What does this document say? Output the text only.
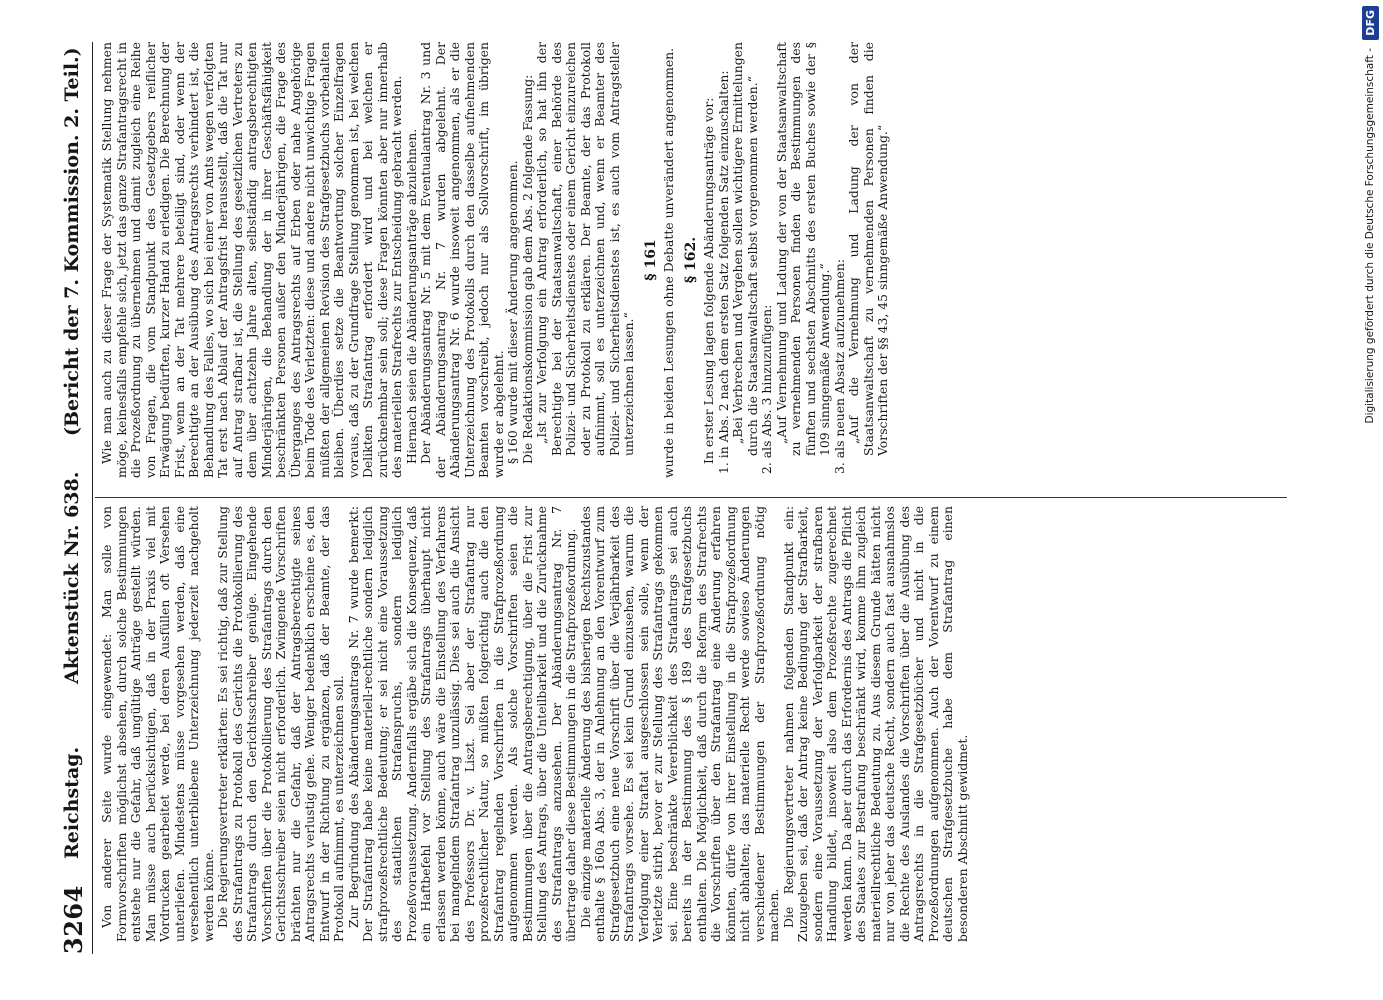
3264
Reichstag.
Aktenstück Nr. 638.
(Bericht der 7. Kommission. 2. Teil.)

Von anderer Seite wurde eingewendet: Man solle von Formvorschriften möglichst absehen, durch solche Bestimmungen entstehe nur die Gefahr, daß ungültige Anträge gestellt würden. Man müsse auch berücksichtigen, daß in der Praxis viel mit Vordrucken gearbeitet werde, bei deren Ausfüllen oft Versehen unterliefen. Mindestens müsse vorgesehen werden, daß eine versehentlich unterbliebene Unterzeichnung jederzeit nachgeholt werden könne. Die Regierungsvertreter erklärten: Es sei richtig, daß zur Stellung des Strafantrags zu Protokoll des Gerichts die Protokollierung des Strafantrags durch den Gerichtsschreiber genüge. Eingehende Vorschriften über die Protokollierung des Strafantrags durch den Gerichtsschreiber seien nicht erforderlich. Zwingende Vorschriften brächten nur die Gefahr, daß der Antragsberechtigte seines Antragsrechts verlustig gehe. Weniger bedenklich erscheine es, den Entwurf in der Richtung zu ergänzen, daß der Beamte, der das Protokoll aufnimmt, es unterzeichnen soll. Zur Begründung des Abänderungsantrags Nr. 7 wurde bemerkt: Der Strafantrag habe keine materiell-rechtliche sondern lediglich strafprozeßrechtliche Bedeutung; er sei nicht eine Voraussetzung des staatlichen Strafanspruchs, sondern lediglich Prozeßvoraussetzung. Andernfalls ergäbe sich die Konsequenz, daß ein Haftbefehl vor Stellung des Strafantrags überhaupt nicht erlassen werden könne, auch wäre die Einstellung des Verfahrens bei mangelndem Strafantrag unzulässig. Dies sei auch die Ansicht des Professors Dr. v. Liszt. Sei aber der Strafantrag nur prozeßrechtlicher Natur, so müßten folgerichtig auch die den Strafantrag regelnden Vorschriften in die Strafprozeßordnung aufgenommen werden. Als solche Vorschriften seien die Bestimmungen über die Antragsberechtigung, über die Frist zur Stellung des Antrags, über die Unteilbarkeit und die Zurücknahme des Strafantrags anzusehen. Der Abänderungsantrag Nr. 7 übertrage daher diese Bestimmungen in die Strafprozeßordnung. Die einzige materielle Änderung des bisherigen Rechtszustandes enthalte § 160a Abs. 3, der in Anlehnung an den Vorentwurf zum Strafgesetzbuch eine neue Vorschrift über die Verjährbarkeit des Strafantrags vorsehe. Es sei kein Grund einzusehen, warum die Verfolgung einer Straftat ausgeschlossen sein solle, wenn der Verletzte stirbt, bevor er zur Stellung des Strafantrags gekommen sei. Eine beschränkte Vererblichkeit des Strafantrags sei auch bereits in der Bestimmung des § 189 des Strafgesetzbuchs enthalten. Die Möglichkeit, daß durch die Reform des Strafrechts die Vorschriften über den Strafantrag eine Änderung erfahren könnten, dürfe von ihrer Einstellung in die Strafprozeßordnung nicht abhalten; das materielle Recht werde sowieso Änderungen verschiedener Bestimmungen der Strafprozeßordnung nötig machen. Die Regierungsvertreter nahmen folgenden Standpunkt ein: Zuzugeben sei, daß der Antrag keine Bedingung der Strafbarkeit, sondern eine Voraussetzung der Verfolgbarkeit der strafbaren Handlung bildet, insoweit also dem Prozeßrechte zugerechnet werden kann. Da aber durch das Erfordernis des Antrags die Pflicht des Staates zur Bestrafung beschränkt wird, komme ihm zugleich materiellrechtliche Bedeutung zu. Aus diesem Grunde hätten nicht nur von jeher das deutsche Recht, sondern auch fast ausnahmslos die Rechte des Auslandes die Vorschriften über die Ausübung des Antragsrechts in die Strafgesetzbücher und nicht in die Prozeßordnungen aufgenommen. Auch der Vorentwurf zu einem deutschen Strafgesetzbuche habe dem Strafantrag einen besonderen Abschnitt gewidmet.

Wie man auch zu dieser Frage der Systematik Stellung nehmen möge, keinesfalls empfehle sich, jetzt das ganze Strafantragsrecht in die Prozeßordnung zu übernehmen und damit zugleich eine Reihe von Fragen, die vom Standpunkt des Gesetzgebers reiflicher Erwägung bedürften, kurzer Hand zu erledigen. Die Berechnung der Frist, wenn an der Tat mehrere beteiligt sind, oder wenn der Berechtigte an der Ausübung des Antragsrechts verhindert ist, die Behandlung des Falles, wo sich bei einer von Amts wegen verfolgten Tat erst nach Ablauf der Antragsfrist herausstellt, daß die Tat nur auf Antrag strafbar ist, die Stellung des gesetzlichen Vertreters zu dem über achtzehn Jahre alten, selbständig antragsberechtigten Minderjährigen, die Behandlung der in ihrer Geschäftsfähigkeit beschränkten Personen außer den Minderjährigen, die Frage des Überganges des Antragsrechts auf Erben oder nahe Angehörige beim Tode des Verletzten: diese und andere nicht unwichtige Fragen müßten der allgemeinen Revision des Strafgesetzbuchs vorbehalten bleiben. Überdies setze die Beantwortung solcher Einzelfragen voraus, daß zu der Grundfrage Stellung genommen ist, bei welchen Delikten Strafantrag erfordert wird und bei welchen er zurücknehmbar sein soll; diese Fragen könnten aber nur innerhalb des materiellen Strafrechts zur Entscheidung gebracht werden. Hiernach seien die Abänderungsanträge abzulehnen. Der Abänderungsantrag Nr. 5 mit dem Eventualantrag Nr. 3 und der Abänderungsantrag Nr. 7 wurden abgelehnt. Der Abänderungsantrag Nr. 6 wurde insoweit angenommen, als er die Unterzeichnung des Protokolls durch den dasselbe aufnehmenden Beamten vorschreibt, jedoch nur als Sollvorschrift, im übrigen wurde er abgelehnt. § 160 wurde mit dieser Änderung angenommen. Die Redaktionskommission gab dem Abs. 2 folgende Fassung: „Ist zur Verfolgung ein Antrag erforderlich, so hat ihn der Berechtigte bei der Staatsanwaltschaft, einer Behörde des Polizei- und Sicherheitsdienstes oder einem Gericht einzureichen oder zu Protokoll zu erklären. Der Beamte, der das Protokoll aufnimmt, soll es unterzeichnen und, wenn er Beamter des Polizei- und Sicherheitsdienstes ist, es auch vom Antragsteller unterzeichnen lassen.“

§ 161 wurde in beiden Lesungen ohne Debatte unverändert angenommen. § 162. In erster Lesung lagen folgende Abänderungsanträge vor: 1. in Abs. 2 nach dem ersten Satz folgenden Satz einzuschalten: „Bei Verbrechen und Vergehen sollen wichtigere Ermittelungen durch die Staatsanwaltschaft selbst vorgenommen werden.“ 2. als Abs. 3 hinzuzufügen: „Auf Vernehmung und Ladung der von der Staatsanwaltschaft zu vernehmenden Personen finden die Bestimmungen des fünften und sechsten Abschnitts des ersten Buches sowie der § 109 sinngemäße Anwendung.“ 3. als neuen Absatz aufzunehmen: „Auf die Vernehmung und Ladung der von der Staatsanwaltschaft zu vernehmenden Personen finden die Vorschriften der §§ 43, 45 sinngemäße Anwendung.“	Digitalisierung gefördert durch die Deutsche Forschungsgemeinschaft -
DFG
